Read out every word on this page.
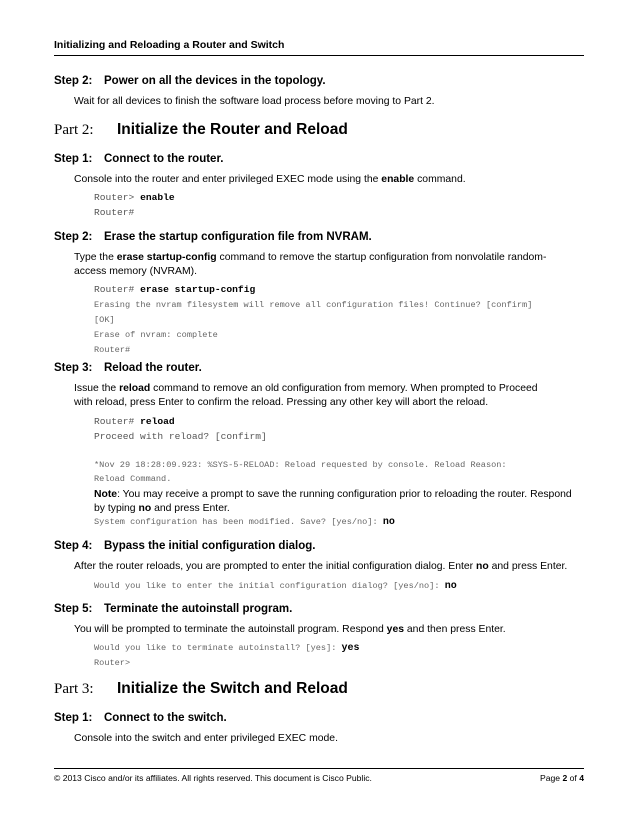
Initializing and Reloading a Router and Switch
Step 2: Power on all the devices in the topology.
Wait for all devices to finish the software load process before moving to Part 2.
Part 2: Initialize the Router and Reload
Step 1: Connect to the router.
Console into the router and enter privileged EXEC mode using the enable command.
Router> enable
Router#
Step 2: Erase the startup configuration file from NVRAM.
Type the erase startup-config command to remove the startup configuration from nonvolatile random-access memory (NVRAM).
Router# erase startup-config
Erasing the nvram filesystem will remove all configuration files! Continue? [confirm]
[OK]
Erase of nvram: complete
Router#
Step 3: Reload the router.
Issue the reload command to remove an old configuration from memory. When prompted to Proceed with reload, press Enter to confirm the reload. Pressing any other key will abort the reload.
Router# reload
Proceed with reload? [confirm]
*Nov 29 18:28:09.923: %SYS-5-RELOAD: Reload requested by console. Reload Reason:
Reload Command.
Note: You may receive a prompt to save the running configuration prior to reloading the router. Respond by typing no and press Enter.
System configuration has been modified. Save? [yes/no]: no
Step 4: Bypass the initial configuration dialog.
After the router reloads, you are prompted to enter the initial configuration dialog. Enter no and press Enter.
Would you like to enter the initial configuration dialog? [yes/no]: no
Step 5: Terminate the autoinstall program.
You will be prompted to terminate the autoinstall program. Respond yes and then press Enter.
Would you like to terminate autoinstall? [yes]: yes
Router>
Part 3: Initialize the Switch and Reload
Step 1: Connect to the switch.
Console into the switch and enter privileged EXEC mode.
© 2013 Cisco and/or its affiliates. All rights reserved. This document is Cisco Public.	Page 2 of 4
